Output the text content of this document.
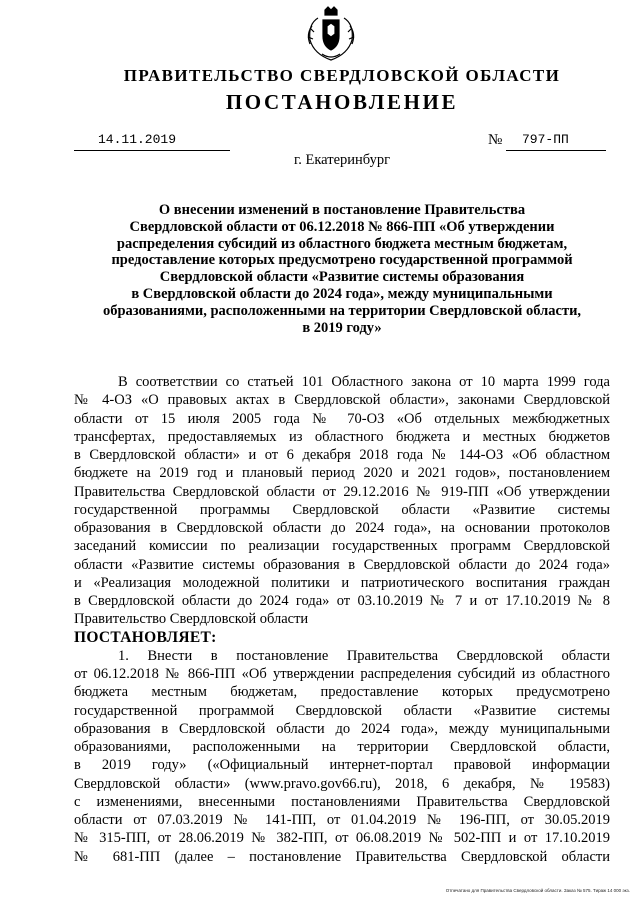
ПРАВИТЕЛЬСТВО СВЕРДЛОВСКОЙ ОБЛАСТИ
ПОСТАНОВЛЕНИЕ
14.11.2019	№ 797-ПП
г. Екатеринбург
О внесении изменений в постановление Правительства
Свердловской области от 06.12.2018 № 866-ПП «Об утверждении
распределения субсидий из областного бюджета местным бюджетам,
предоставление которых предусмотрено государственной программой
Свердловской области «Развитие системы образования
в Свердловской области до 2024 года», между муниципальными
образованиями, расположенными на территории Свердловской области,
в 2019 году»
В соответствии со статьей 101 Областного закона от 10 марта 1999 года
№ 4-ОЗ «О правовых актах в Свердловской области», законами Свердловской
области от 15 июля 2005 года № 70-ОЗ «Об отдельных межбюджетных
трансфертах, предоставляемых из областного бюджета и местных бюджетов
в Свердловской области» и от 6 декабря 2018 года № 144-ОЗ «Об областном
бюджете на 2019 год и плановый период 2020 и 2021 годов», постановлением
Правительства Свердловской области от 29.12.2016 № 919-ПП «Об утверждении
государственной программы Свердловской области «Развитие системы
образования в Свердловской области до 2024 года», на основании протоколов
заседаний комиссии по реализации государственных программ Свердловской
области «Развитие системы образования в Свердловской области до 2024 года»
и «Реализация молодежной политики и патриотического воспитания граждан
в Свердловской области до 2024 года» от 03.10.2019 № 7 и от 17.10.2019 № 8
Правительство Свердловской области
ПОСТАНОВЛЯЕТ:
1. Внести в постановление Правительства Свердловской области
от 06.12.2018 № 866-ПП «Об утверждении распределения субсидий из областного
бюджета местным бюджетам, предоставление которых предусмотрено
государственной программой Свердловской области «Развитие системы
образования в Свердловской области до 2024 года», между муниципальными
образованиями, расположенными на территории Свердловской области,
в 2019 году» («Официальный интернет-портал правовой информации
Свердловской области» (www.pravo.gov66.ru), 2018, 6 декабря, № 19583)
с изменениями, внесенными постановлениями Правительства Свердловской
области от 07.03.2019 № 141-ПП, от 01.04.2019 № 196-ПП, от 30.05.2019
№ 315-ПП, от 28.06.2019 № 382-ПП, от 06.08.2019 № 502-ПП и от 17.10.2019
№ 681-ПП (далее – постановление Правительства Свердловской области
Отпечатано для Правительства Свердловской области. Заказ № 575. Тираж 14 000 экз.
